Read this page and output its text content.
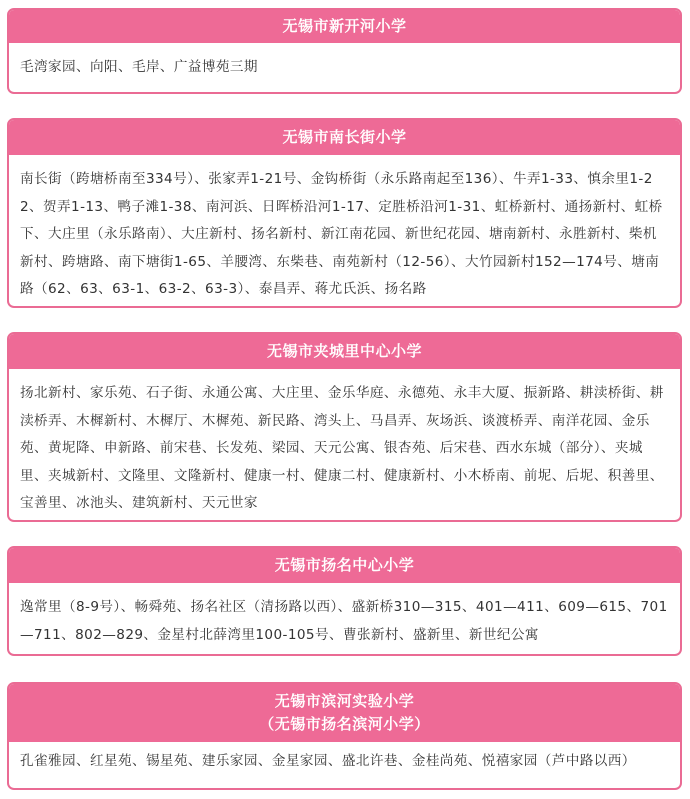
无锡市新开河小学
毛湾家园、向阳、毛岸、广益博苑三期
无锡市南长街小学
南长街（跨塘桥南至334号）、张家弄1-21号、金钩桥街（永乐路南起至136）、牛弄1-33、慎余里1-22、贺弄1-13、鸭子滩1-38、南河浜、日晖桥沿河1-17、定胜桥沿河1-31、虹桥新村、通扬新村、虹桥下、大庄里（永乐路南）、大庄新村、扬名新村、新江南花园、新世纪花园、塘南新村、永胜新村、柴机新村、跨塘路、南下塘街1-65、羊腰湾、东柴巷、南苑新村（12-56）、大竹园新村152—174号、塘南路（62、63、63-1、63-2、63-3）、泰昌弄、蒋尤氏浜、扬名路
无锡市夹城里中心小学
扬北新村、家乐苑、石子街、永通公寓、大庄里、金乐华庭、永德苑、永丰大厦、振新路、耕渎桥街、耕渎桥弄、木樨新村、木樨厅、木樨苑、新民路、湾头上、马昌弄、灰场浜、谈渡桥弄、南洋花园、金乐苑、黄坭降、申新路、前宋巷、长发苑、梁园、天元公寓、银杏苑、后宋巷、西水东城（部分）、夹城里、夹城新村、文隆里、文隆新村、健康一村、健康二村、健康新村、小木桥南、前坭、后坭、积善里、宝善里、冰池头、建筑新村、天元世家
无锡市扬名中心小学
逸常里（8-9号）、畅舜苑、扬名社区（清扬路以西）、盛新桥310—315、401—411、609—615、701—711、802—829、金星村北薛湾里100-105号、曹张新村、盛新里、新世纪公寓
无锡市滨河实验小学
（无锡市扬名滨河小学）
孔雀雅园、红星苑、锡星苑、建乐家园、金星家园、盛北许巷、金桂尚苑、悦禧家园（芦中路以西）
